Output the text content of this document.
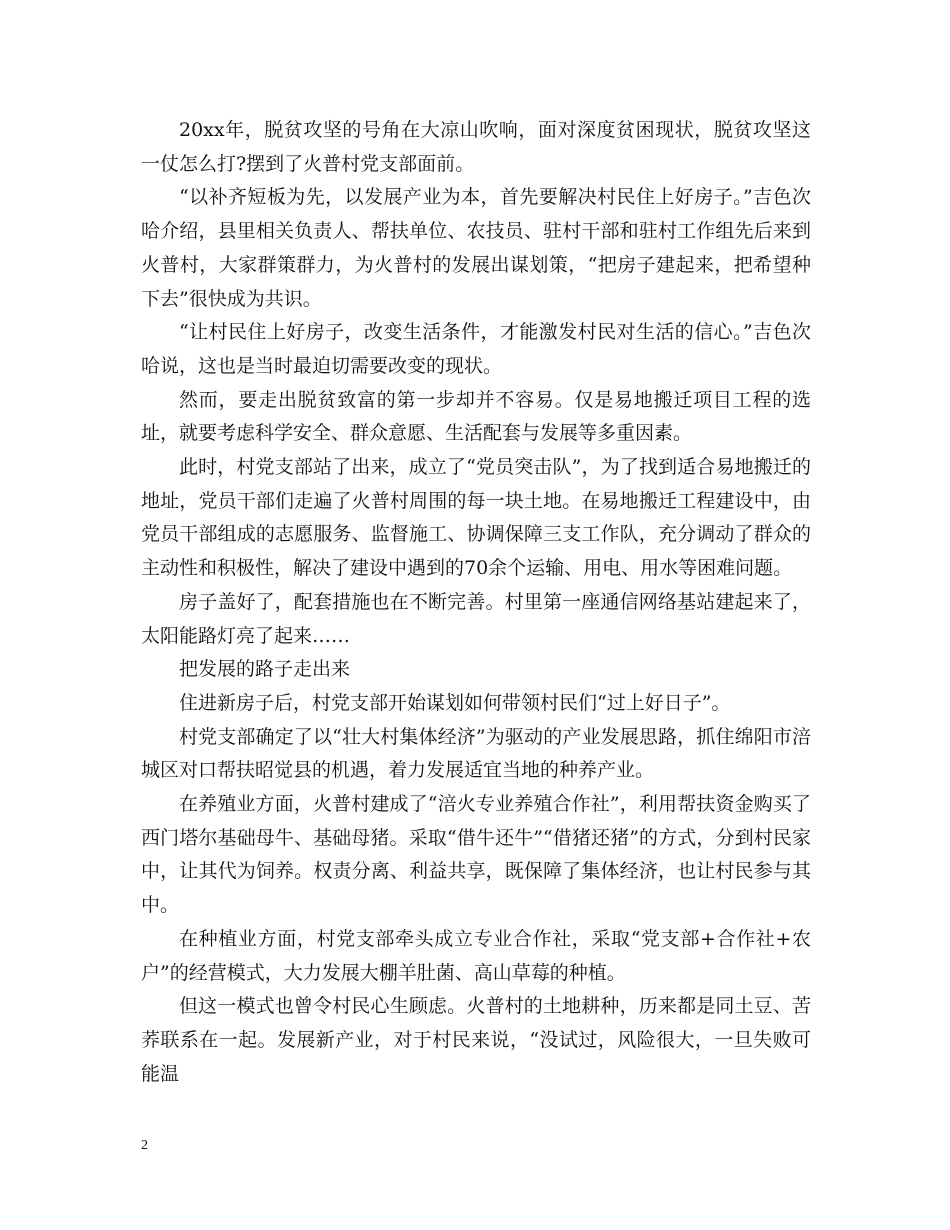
20xx年，脱贫攻坚的号角在大凉山吹响，面对深度贫困现状，脱贫攻坚这一仗怎么打?摆到了火普村党支部面前。

“以补齐短板为先，以发展产业为本，首先要解决村民住上好房子。”吉色次哈介绍，县里相关负责人、帮扶单位、农技员、驻村干部和驻村工作组先后来到火普村，大家群策群力，为火普村的发展出谋划策，“把房子建起来，把希望种下去”很快成为共识。

“让村民住上好房子，改变生活条件，才能激发村民对生活的信心。”吉色次哈说，这也是当时最迫切需要改变的现状。

然而，要走出脱贫致富的第一步却并不容易。仅是易地搬迁项目工程的选址，就要考虑科学安全、群众意愿、生活配套与发展等多重因素。

此时，村党支部站了出来，成立了“党员突击队”，为了找到适合易地搬迁的地址，党员干部们走遍了火普村周围的每一块土地。在易地搬迁工程建设中，由党员干部组成的志愿服务、监督施工、协调保障三支工作队，充分调动了群众的主动性和积极性，解决了建设中遇到的70余个运输、用电、用水等困难问题。

房子盖好了，配套措施也在不断完善。村里第一座通信网络基站建起来了，太阳能路灯亮了起来……

把发展的路子走出来

住进新房子后，村党支部开始谋划如何带领村民们“过上好日子”。

村党支部确定了以“壮大村集体经济”为驱动的产业发展思路，抓住绵阳市涪城区对口帮扶昭觉县的机遇，着力发展适宜当地的种养产业。

在养殖业方面，火普村建成了“涪火专业养殖合作社”，利用帮扶资金购买了西门塔尔基础母牛、基础母猪。采取“借牛还牛”“借猪还猪”的方式，分到村民家中，让其代为饲养。权责分离、利益共享，既保障了集体经济，也让村民参与其中。

在种植业方面，村党支部牵头成立专业合作社，采取“党支部+合作社+农户”的经营模式，大力发展大棚羊肚菌、高山草莓的种植。

但这一模式也曾令村民心生顾虑。火普村的土地耕种，历来都是同土豆、苦荞联系在一起。发展新产业，对于村民来说，“没试过，风险很大，一旦失败可能温

2
